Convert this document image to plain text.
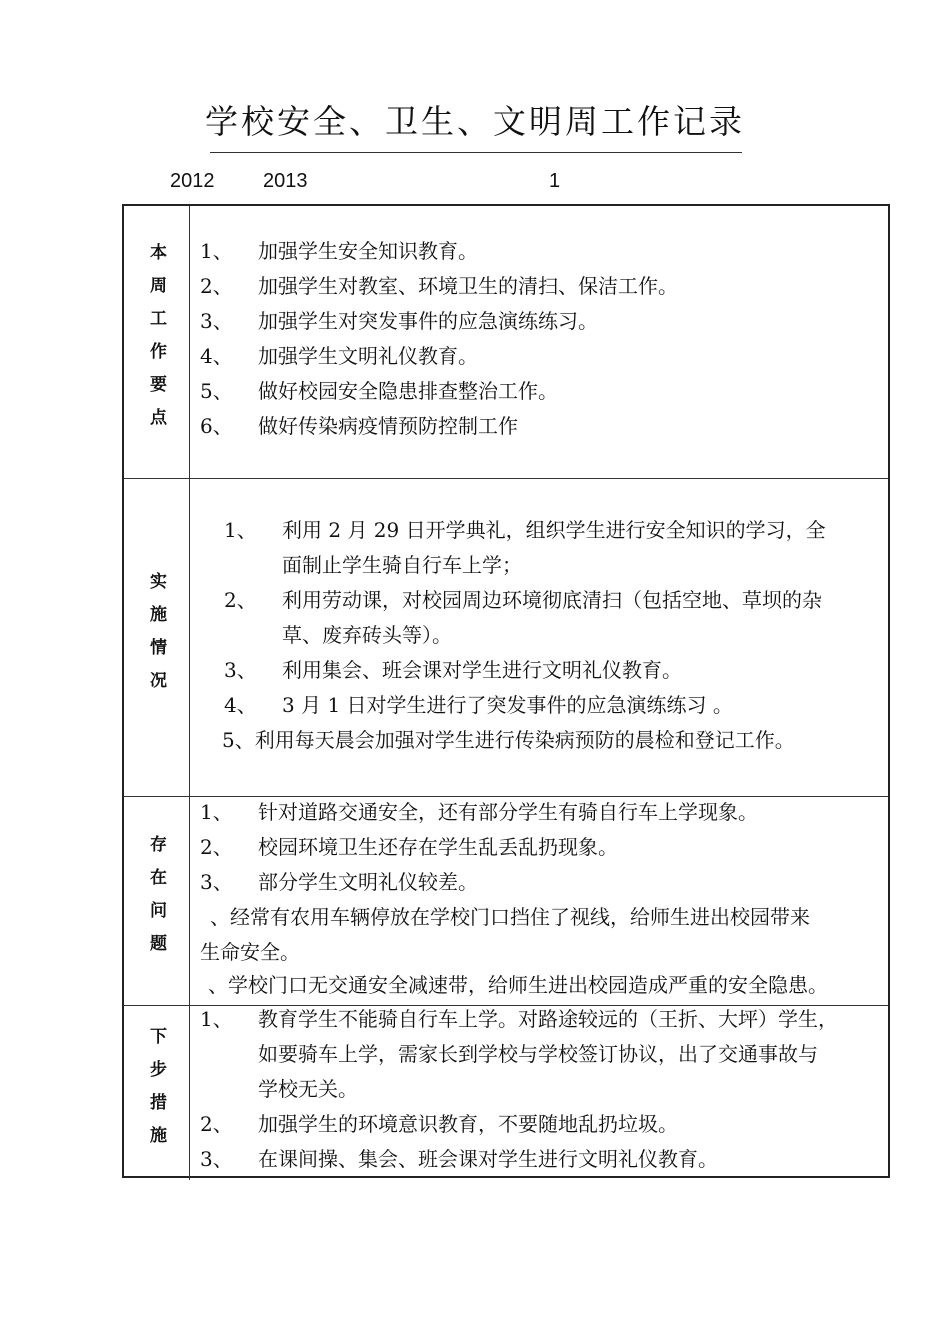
学校安全、卫生、文明周工作记录
2012 2013	1
本周工作要点 1、 加强学生安全知识教育。
2、 加强学生对教室、环境卫生的清扫、保洁工作。
3、 加强学生对突发事件的应急演练练习。
4、 加强学生文明礼仪教育。
5、 做好校园安全隐患排查整治工作。
6、 做好传染病疫情预防控制工作
实施情况
1、 利用 2 月 29 日开学典礼，组织学生进行安全知识的学习，全
面制止学生骑自行车上学；
2、 利用劳动课，对校园周边环境彻底清扫（包括空地、草坝的杂
草、废弃砖头等）。
3、 利用集会、班会课对学生进行文明礼仪教育。
4、 3 月 1 日对学生进行了突发事件的应急演练练习 。
5、利用每天晨会加强对学生进行传染病预防的晨检和登记工作。
存在问题
1、 针对道路交通安全，还有部分学生有骑自行车上学现象。
2、 校园环境卫生还存在学生乱丢乱扔现象。
3、 部分学生文明礼仪较差。
、经常有农用车辆停放在学校门口挡住了视线，给师生进出校园带来
生命安全。
、学校门口无交通安全减速带，给师生进出校园造成严重的安全隐患。
下步措施
1、 教育学生不能骑自行车上学。对路途较远的（王折、大坪）学生，
如要骑车上学，需家长到学校与学校签订协议，出了交通事故与
学校无关。
2、 加强学生的环境意识教育，不要随地乱扔垃圾。
3、 在课间操、集会、班会课对学生进行文明礼仪教育。
